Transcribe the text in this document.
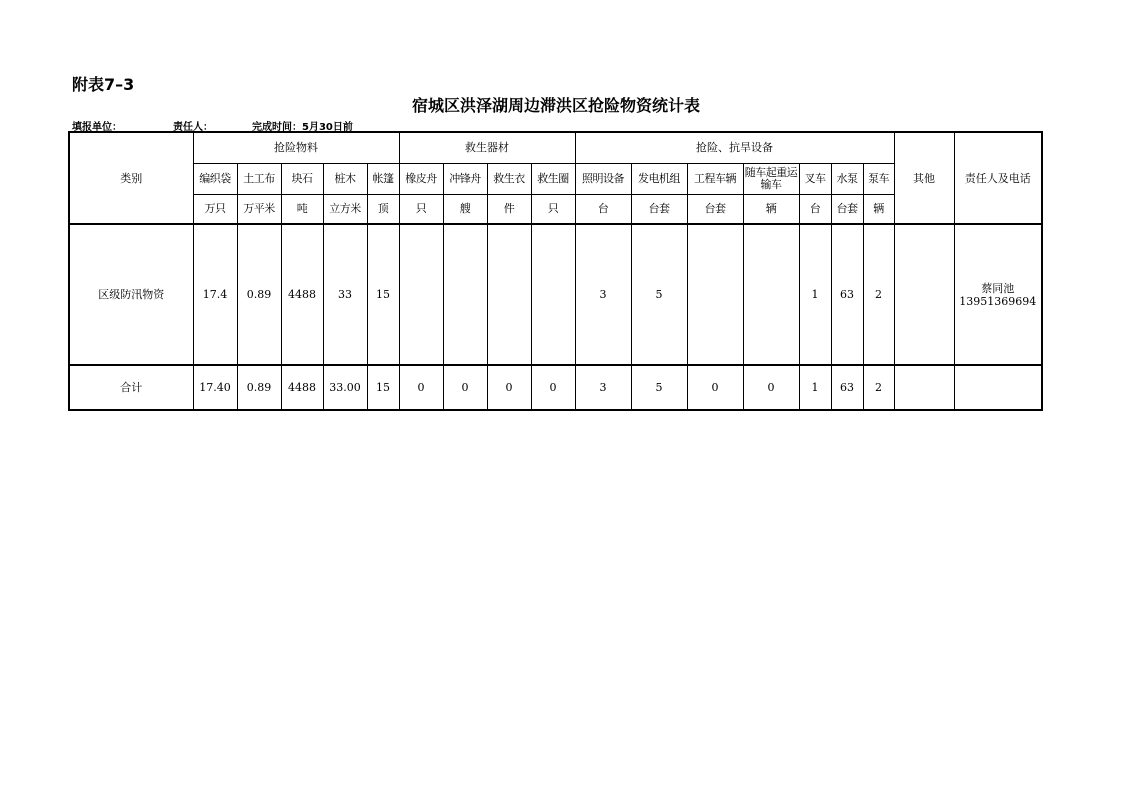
附表7–3
宿城区洪泽湖周边滞洪区抢险物资统计表
填报单位：	责任人：	完成时间：5月30日前
类别	抢险物料					救生器材				抢险、抗旱设备							其他	责任人及电话
	编织袋	土工布	块石	桩木	帐篷	橡皮舟	冲锋舟	救生衣	救生圈	照明设备	发电机组	工程车辆	随车起重运输车	叉车	水泵	泵车		
	万只	万平米	吨	立方米	顶	只	艘	件	只	台	台套	台套	辆	台	台套	辆		
区级防汛物资	17.4	0.89	4488	33	15					3	5			1	63	2		蔡同池
13951369694

合计	17.40	0.89	4488	33.00	15	0	0	0	0	3	5	0	0	1	63	2		
